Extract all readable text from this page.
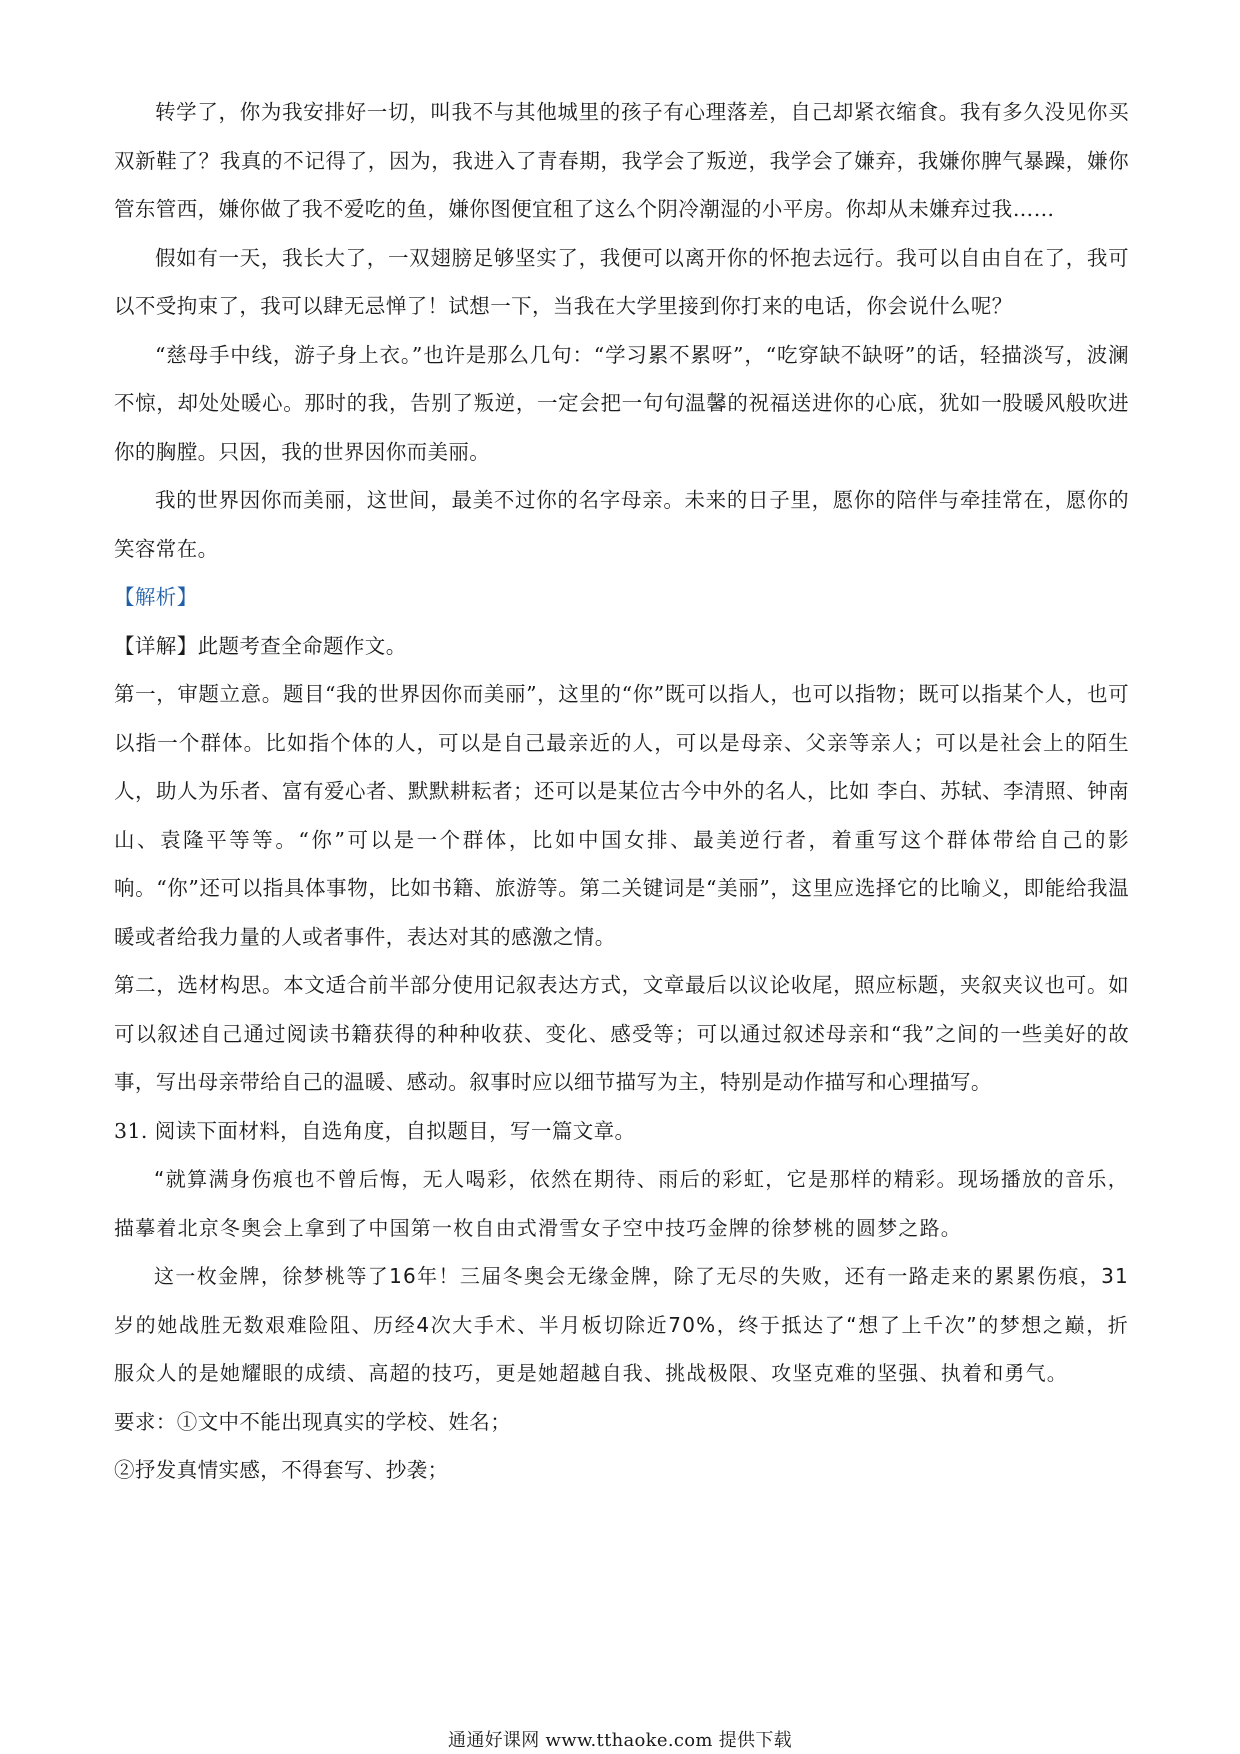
转学了，你为我安排好一切，叫我不与其他城里的孩子有心理落差，自己却紧衣缩食。我有多久没见你买双新鞋了？我真的不记得了，因为，我进入了青春期，我学会了叛逆，我学会了嫌弃，我嫌你脾气暴躁，嫌你管东管西，嫌你做了我不爱吃的鱼，嫌你图便宜租了这么个阴冷潮湿的小平房。你却从未嫌弃过我……

假如有一天，我长大了，一双翅膀足够坚实了，我便可以离开你的怀抱去远行。我可以自由自在了，我可以不受拘束了，我可以肆无忌惮了！试想一下，当我在大学里接到你打来的电话，你会说什么呢？

“慈母手中线，游子身上衣。”也许是那么几句：“学习累不累呀”，“吃穿缺不缺呀”的话，轻描淡写，波澜不惊，却处处暖心。那时的我，告别了叛逆，一定会把一句句温馨的祝福送进你的心底，犹如一股暖风般吹进你的胸膛。只因，我的世界因你而美丽。

我的世界因你而美丽，这世间，最美不过你的名字母亲。未来的日子里，愿你的陪伴与牵挂常在，愿你的笑容常在。

【解析】

【详解】此题考查全命题作文。

第一，审题立意。题目“我的世界因你而美丽”，这里的“你”既可以指人，也可以指物；既可以指某个人，也可以指一个群体。比如指个体的人，可以是自己最亲近的人，可以是母亲、父亲等亲人；可以是社会上的陌生人，助人为乐者、富有爱心者、默默耕耘者；还可以是某位古今中外的名人，比如 李白、苏轼、李清照、钟南山、袁隆平等等。“你”可以是一个群体，比如中国女排、最美逆行者，着重写这个群体带给自己的影响。“你”还可以指具体事物，比如书籍、旅游等。第二关键词是“美丽”，这里应选择它的比喻义，即能给我温暖或者给我力量的人或者事件，表达对其的感激之情。

第二，选材构思。本文适合前半部分使用记叙表达方式，文章最后以议论收尾，照应标题，夹叙夹议也可。如可以叙述自己通过阅读书籍获得的种种收获、变化、感受等；可以通过叙述母亲和“我”之间的一些美好的故事，写出母亲带给自己的温暖、感动。叙事时应以细节描写为主，特别是动作描写和心理描写。

31. 阅读下面材料，自选角度，自拟题目，写一篇文章。

“就算满身伤痕也不曾后悔，无人喝彩，依然在期待、雨后的彩虹，它是那样的精彩。现场播放的音乐，描摹着北京冬奥会上拿到了中国第一枚自由式滑雪女子空中技巧金牌的徐梦桃的圆梦之路。

这一枚金牌，徐梦桃等了16年！三届冬奥会无缘金牌，除了无尽的失败，还有一路走来的累累伤痕，31岁的她战胜无数艰难险阻、历经4次大手术、半月板切除近70%，终于抵达了“想了上千次”的梦想之巅，折服众人的是她耀眼的成绩、高超的技巧，更是她超越自我、挑战极限、攻坚克难的坚强、执着和勇气。

要求：①文中不能出现真实的学校、姓名；

②抒发真情实感，不得套写、抄袭；

通通好课网 www.tthaoke.com 提供下载
